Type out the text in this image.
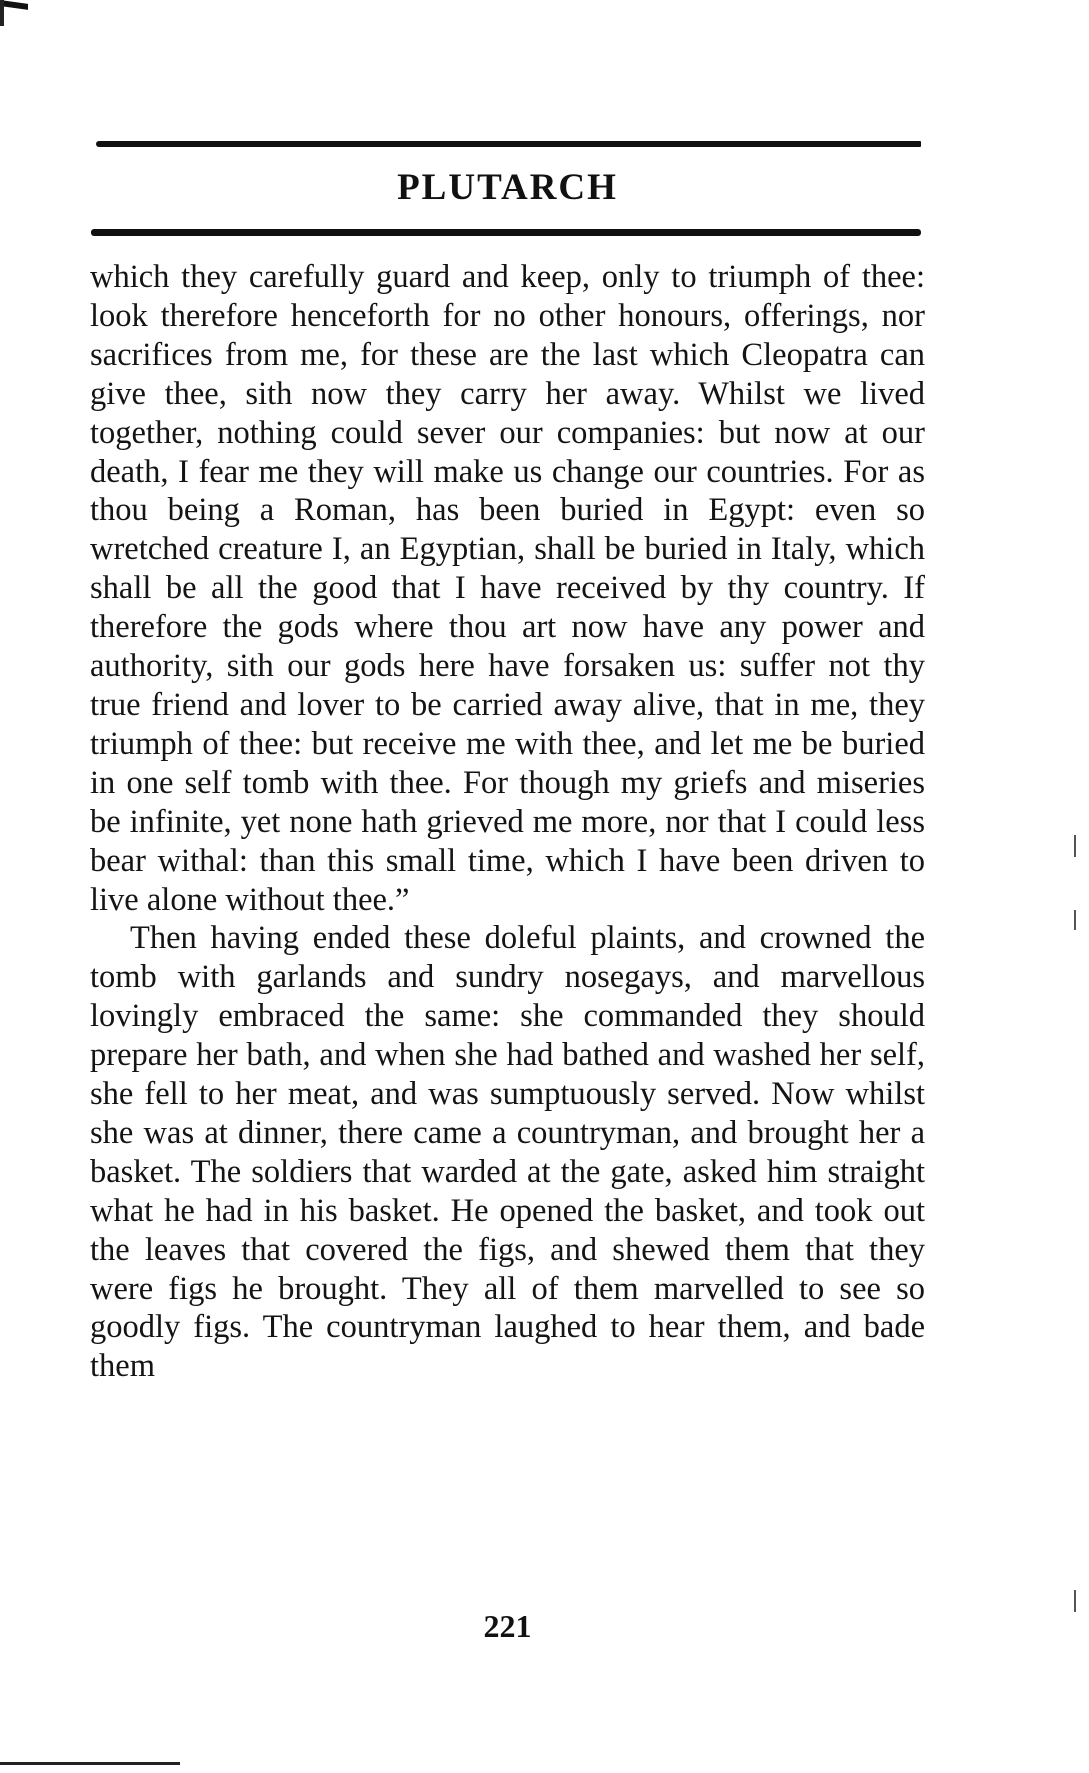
PLUTARCH

which they carefully guard and keep, only to triumph of thee: look therefore henceforth for no other honours, offerings, nor sacrifices from me, for these are the last which Cleopatra can give thee, sith now they carry her away. Whilst we lived together, nothing could sever our companies: but now at our death, I fear me they will make us change our countries. For as thou being a Roman, has been buried in Egypt: even so wretched creature I, an Egyptian, shall be buried in Italy, which shall be all the good that I have received by thy country. If therefore the gods where thou art now have any power and authority, sith our gods here have forsaken us: suffer not thy true friend and lover to be carried away alive, that in me, they triumph of thee: but receive me with thee, and let me be buried in one self tomb with thee. For though my griefs and miseries be infinite, yet none hath grieved me more, nor that I could less bear withal: than this small time, which I have been driven to live alone without thee.”

Then having ended these doleful plaints, and crowned the tomb with garlands and sundry nosegays, and marvellous lovingly embraced the same: she commanded they should prepare her bath, and when she had bathed and washed her self, she fell to her meat, and was sumptuously served. Now whilst she was at dinner, there came a countryman, and brought her a basket. The soldiers that warded at the gate, asked him straight what he had in his basket. He opened the basket, and took out the leaves that covered the figs, and shewed them that they were figs he brought. They all of them marvelled to see so goodly figs. The countryman laughed to hear them, and bade them

221
